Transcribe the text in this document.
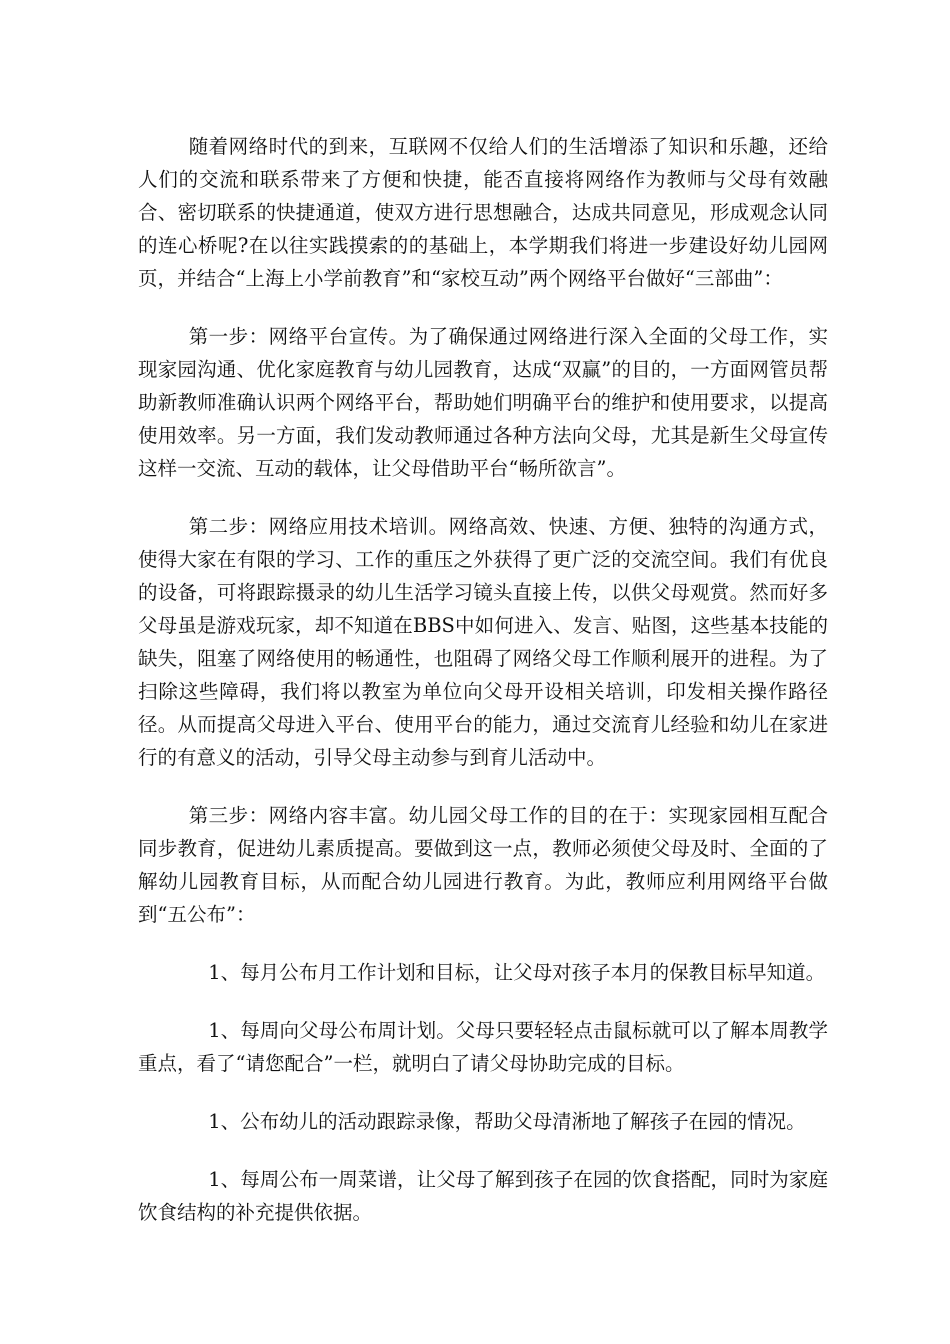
随着网络时代的到来，互联网不仅给人们的生活增添了知识和乐趣，还给人们的交流和联系带来了方便和快捷，能否直接将网络作为教师与父母有效融合、密切联系的快捷通道，使双方进行思想融合，达成共同意见，形成观念认同的连心桥呢?在以往实践摸索的的基础上，本学期我们将进一步建设好幼儿园网页，并结合“上海上小学前教育”和“家校互动”两个网络平台做好“三部曲”：

第一步：网络平台宣传。为了确保通过网络进行深入全面的父母工作，实现家园沟通、优化家庭教育与幼儿园教育，达成“双赢”的目的，一方面网管员帮助新教师准确认识两个网络平台，帮助她们明确平台的维护和使用要求，以提高使用效率。另一方面，我们发动教师通过各种方法向父母，尤其是新生父母宣传这样一交流、互动的载体，让父母借助平台“畅所欲言”。

第二步：网络应用技术培训。网络高效、快速、方便、独特的沟通方式，使得大家在有限的学习、工作的重压之外获得了更广泛的交流空间。我们有优良的设备，可将跟踪摄录的幼儿生活学习镜头直接上传，以供父母观赏。然而好多父母虽是游戏玩家，却不知道在BBS中如何进入、发言、贴图，这些基本技能的缺失，阻塞了网络使用的畅通性，也阻碍了网络父母工作顺利展开的进程。为了扫除这些障碍，我们将以教室为单位向父母开设相关培训，印发相关操作路径径。从而提高父母进入平台、使用平台的能力，通过交流育儿经验和幼儿在家进行的有意义的活动，引导父母主动参与到育儿活动中。

第三步：网络内容丰富。幼儿园父母工作的目的在于：实现家园相互配合同步教育，促进幼儿素质提高。要做到这一点，教师必须使父母及时、全面的了解幼儿园教育目标，从而配合幼儿园进行教育。为此，教师应利用网络平台做到“五公布”：

1、每月公布月工作计划和目标，让父母对孩子本月的保教目标早知道。

1、每周向父母公布周计划。父母只要轻轻点击鼠标就可以了解本周教学重点，看了“请您配合”一栏，就明白了请父母协助完成的目标。

1、公布幼儿的活动跟踪录像，帮助父母清淅地了解孩子在园的情况。

1、每周公布一周菜谱，让父母了解到孩子在园的饮食搭配，同时为家庭饮食结构的补充提供依据。
